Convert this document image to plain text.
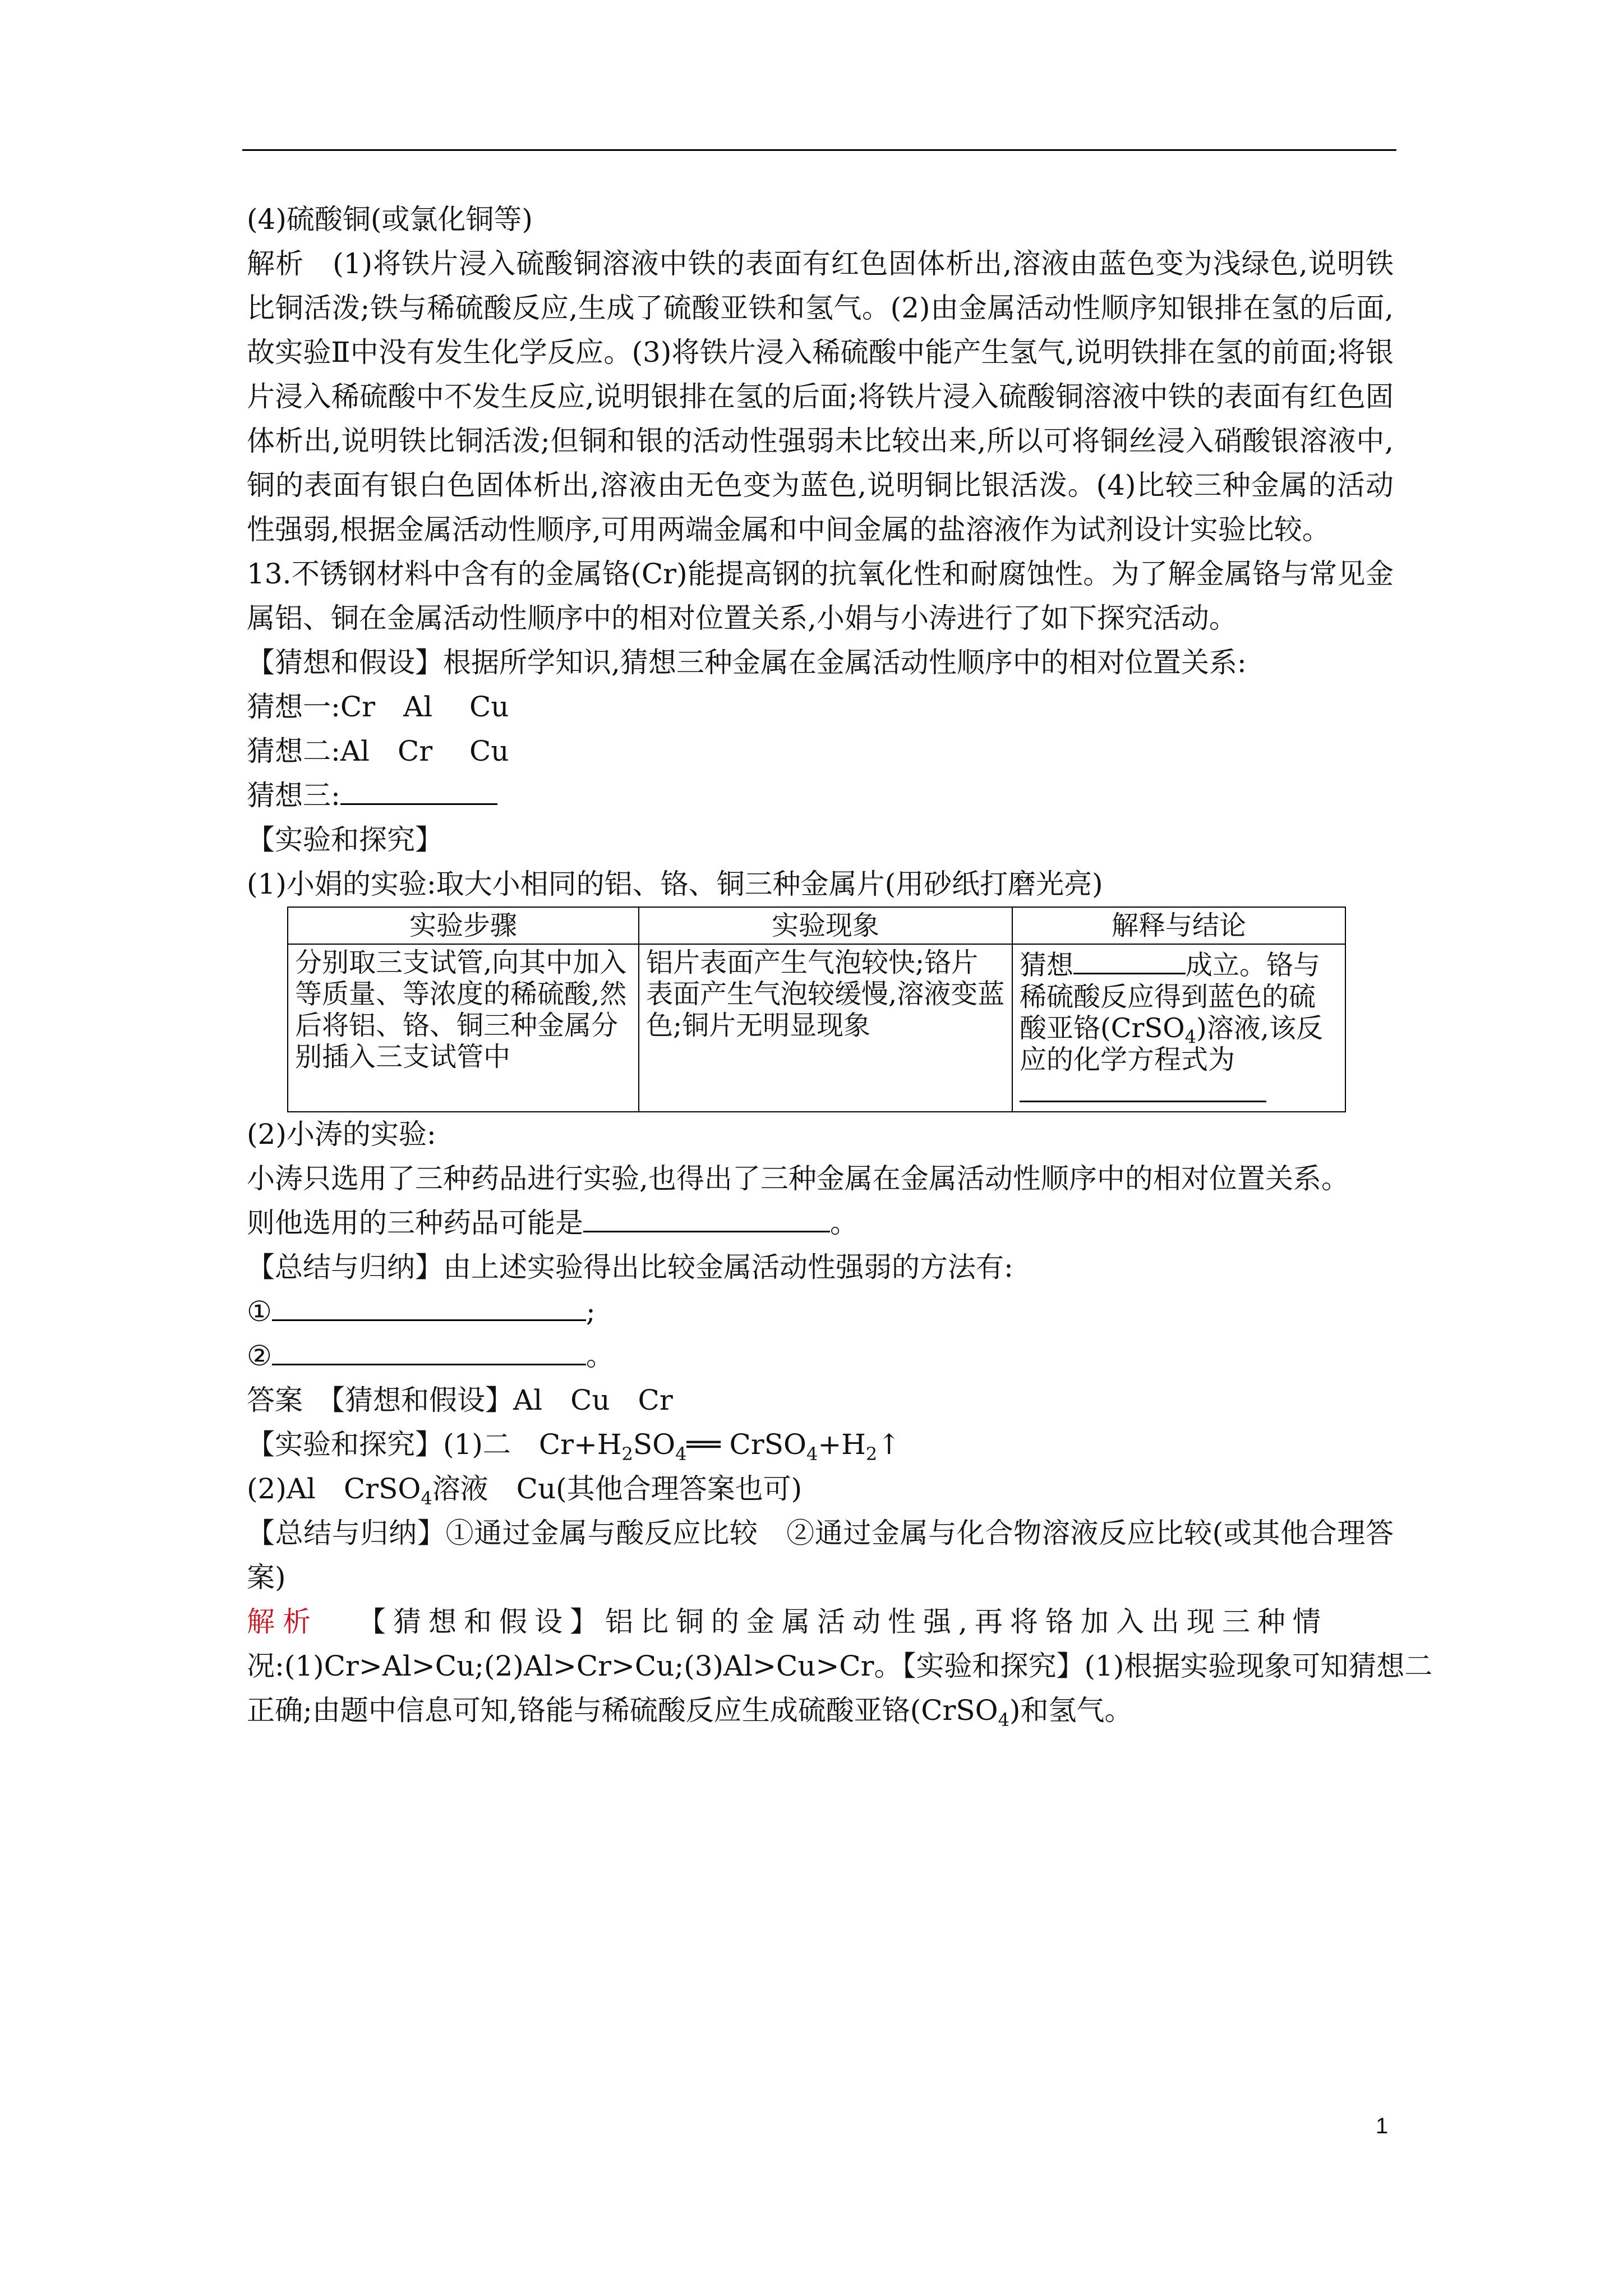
(4)硫酸铜(或氯化铜等)

解析　(1)将铁片浸入硫酸铜溶液中铁的表面有红色固体析出,溶液由蓝色变为浅绿色,说明铁比铜活泼;铁与稀硫酸反应,生成了硫酸亚铁和氢气。(2)由金属活动性顺序知银排在氢的后面,故实验Ⅱ中没有发生化学反应。(3)将铁片浸入稀硫酸中能产生氢气,说明铁排在氢的前面;将银片浸入稀硫酸中不发生反应,说明银排在氢的后面;将铁片浸入硫酸铜溶液中铁的表面有红色固体析出,说明铁比铜活泼;但铜和银的活动性强弱未比较出来,所以可将铜丝浸入硝酸银溶液中,铜的表面有银白色固体析出,溶液由无色变为蓝色,说明铜比银活泼。(4)比较三种金属的活动性强弱,根据金属活动性顺序,可用两端金属和中间金属的盐溶液作为试剂设计实验比较。

13.不锈钢材料中含有的金属铬(Cr)能提高钢的抗氧化性和耐腐蚀性。为了解金属铬与常见金属铝、铜在金属活动性顺序中的相对位置关系,小娟与小涛进行了如下探究活动。

【猜想和假设】根据所学知识,猜想三种金属在金属活动性顺序中的相对位置关系:

猜想一:Cr　Al　 Cu

猜想二:Al　Cr　 Cu

猜想三:

【实验和探究】

(1)小娟的实验:取大小相同的铝、铬、铜三种金属片(用砂纸打磨光亮)

实验步骤	实验现象	解释与结论
分别取三支试管,向其中加入等质量、等浓度的稀硫酸,然后将铝、铬、铜三种金属分别插入三支试管中	铝片表面产生气泡较快;铬片表面产生气泡较缓慢,溶液变蓝色;铜片无明显现象	猜想 成立。铬与稀硫酸反应得到蓝色的硫酸亚铬(CrSO$_4$)溶液,该反应的化学方程式为

(2)小涛的实验:

小涛只选用了三种药品进行实验,也得出了三种金属在金属活动性顺序中的相对位置关系。

则他选用的三种药品可能是	。

【总结与归纳】由上述实验得出比较金属活动性强弱的方法有:

①	;

②	。

答案　【猜想和假设】Al　Cu　Cr

【实验和探究】(1)二　$Cr+H_2SO_4══$ $CrSO_4+H_2↑$

(2)Al　CrSO$_4$溶液　Cu(其他合理答案也可)

【总结与归纳】①通过金属与酸反应比较　②通过金属与化合物溶液反应比较(或其他合理答案)

解析 【猜想和假设】铝比铜的金属活动性强,再将铬加入出现三种情

况:(1)Cr>Al>Cu;(2)Al>Cr>Cu;(3)Al>Cu>Cr。【实验和探究】(1)根据实验现象可知猜想二

正确;由题中信息可知,铬能与稀硫酸反应生成硫酸亚铬(CrSO$_4$)和氢气。

1
